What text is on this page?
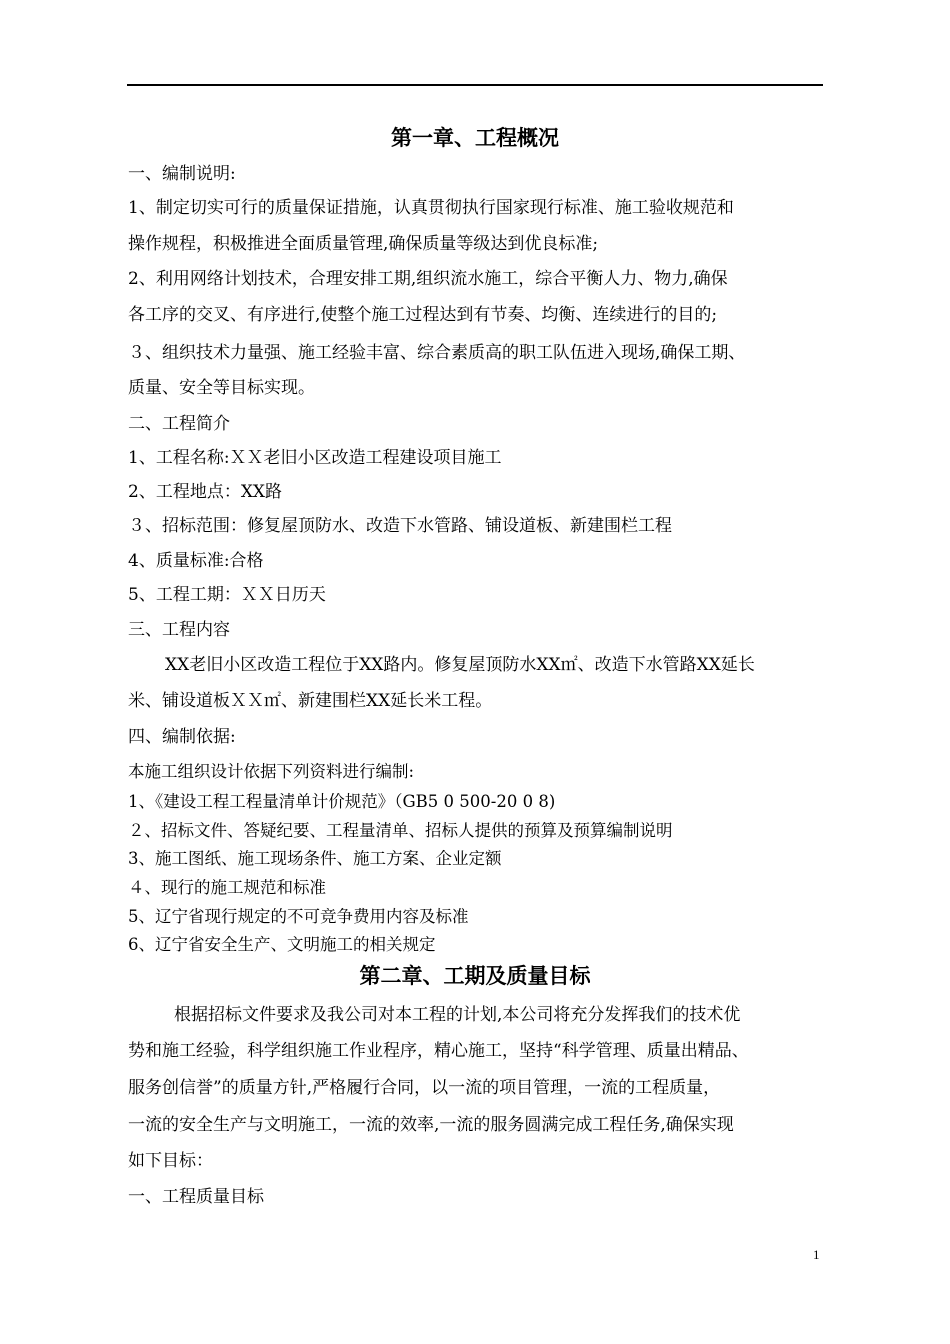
第一章、工程概况
一、编制说明:
1、制定切实可行的质量保证措施，认真贯彻执行国家现行标准、施工验收规范和
操作规程，积极推进全面质量管理,确保质量等级达到优良标准;
2、利用网络计划技术，合理安排工期,组织流水施工，综合平衡人力、物力,确保
各工序的交叉、有序进行,使整个施工过程达到有节奏、均衡、连续进行的目的;
３、组织技术力量强、施工经验丰富、综合素质高的职工队伍进入现场,确保工期、
质量、安全等目标实现。
二、工程简介
1、工程名称:ＸＸ老旧小区改造工程建设项目施工
2、工程地点：XX路
３、招标范围：修复屋顶防水、改造下水管路、铺设道板、新建围栏工程
4、质量标准:合格
5、工程工期：ＸＸ日历天
三、工程内容
XX老旧小区改造工程位于XX路内。修复屋顶防水XX㎡、改造下水管路XX延长
米、铺设道板ＸＸ㎡、新建围栏XX延长米工程。
四、编制依据:
本施工组织设计依据下列资料进行编制:
1、《建设工程工程量清单计价规范》（GB5 0 500-20 0 8)
２、招标文件、答疑纪要、工程量清单、招标人提供的预算及预算编制说明
3、施工图纸、施工现场条件、施工方案、企业定额
４、现行的施工规范和标准
5、辽宁省现行规定的不可竞争费用内容及标准
6、辽宁省安全生产、文明施工的相关规定
第二章、工期及质量目标
根据招标文件要求及我公司对本工程的计划,本公司将充分发挥我们的技术优
势和施工经验，科学组织施工作业程序，精心施工，坚持“科学管理、质量出精品、
服务创信誉”的质量方针,严格履行合同，以一流的项目管理，一流的工程质量，
一流的安全生产与文明施工，一流的效率,一流的服务圆满完成工程任务,确保实现
如下目标：
一、工程质量目标
1
